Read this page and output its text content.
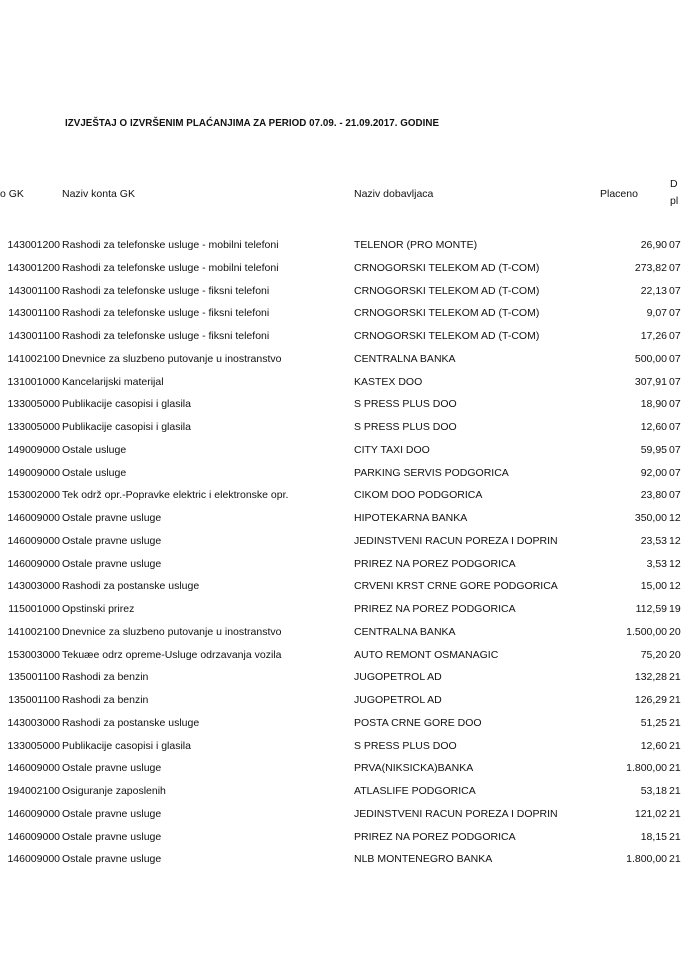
IZVJEŠTAJ O IZVRŠENIM PLAĆANJIMA ZA PERIOD 07.09. - 21.09.2017. GODINE
o GK	Naziv konta GK	Naziv dobavljaca	Placeno
D
pl
143001200 Rashodi za telefonske usluge - mobilni telefoni	TELENOR (PRO MONTE)	26,90 07
143001200 Rashodi za telefonske usluge - mobilni telefoni	CRNOGORSKI TELEKOM AD (T-COM)	273,82 07
143001100 Rashodi za telefonske usluge - fiksni telefoni	CRNOGORSKI TELEKOM AD (T-COM)	22,13 07
143001100 Rashodi za telefonske usluge - fiksni telefoni	CRNOGORSKI TELEKOM AD (T-COM)	9,07 07
143001100 Rashodi za telefonske usluge - fiksni telefoni	CRNOGORSKI TELEKOM AD (T-COM)	17,26 07
141002100 Dnevnice za sluzbeno putovanje u inostranstvo	CENTRALNA BANKA	500,00 07
131001000 Kancelarijski materijal	KASTEX DOO	307,91 07
133005000 Publikacije casopisi i glasila	S PRESS PLUS DOO	18,90 07
133005000 Publikacije casopisi i glasila	S PRESS PLUS DOO	12,60 07
149009000 Ostale usluge	CITY TAXI DOO	59,95 07
149009000 Ostale usluge	PARKING SERVIS PODGORICA	92,00 07
153002000 Tek održ opr.-Popravke elektric i elektronske opr.	CIKOM DOO PODGORICA	23,80 07
146009000 Ostale pravne usluge	HIPOTEKARNA BANKA	350,00 12
146009000 Ostale pravne usluge	JEDINSTVENI RACUN POREZA I DOPRIN	23,53 12
146009000 Ostale pravne usluge	PRIREZ NA POREZ PODGORICA	3,53 12
143003000 Rashodi za postanske usluge	CRVENI KRST CRNE GORE PODGORICA	15,00 12
115001000 Opstinski prirez	PRIREZ NA POREZ PODGORICA	112,59 19
141002100 Dnevnice za sluzbeno putovanje u inostranstvo	CENTRALNA BANKA	1.500,00 20
153003000 Tekuæe odrz opreme-Usluge odrzavanja vozila	AUTO REMONT OSMANAGIC	75,20 20
135001100 Rashodi za benzin	JUGOPETROL AD	132,28 21
135001100 Rashodi za benzin	JUGOPETROL AD	126,29 21
143003000 Rashodi za postanske usluge	POSTA CRNE GORE DOO	51,25 21
133005000 Publikacije casopisi i glasila	S PRESS PLUS DOO	12,60 21
146009000 Ostale pravne usluge	PRVA(NIKSICKA)BANKA	1.800,00 21
194002100 Osiguranje zaposlenih	ATLASLIFE PODGORICA	53,18 21
146009000 Ostale pravne usluge	JEDINSTVENI RACUN POREZA I DOPRIN	121,02 21
146009000 Ostale pravne usluge	PRIREZ NA POREZ PODGORICA	18,15 21
146009000 Ostale pravne usluge	NLB MONTENEGRO BANKA	1.800,00 21
